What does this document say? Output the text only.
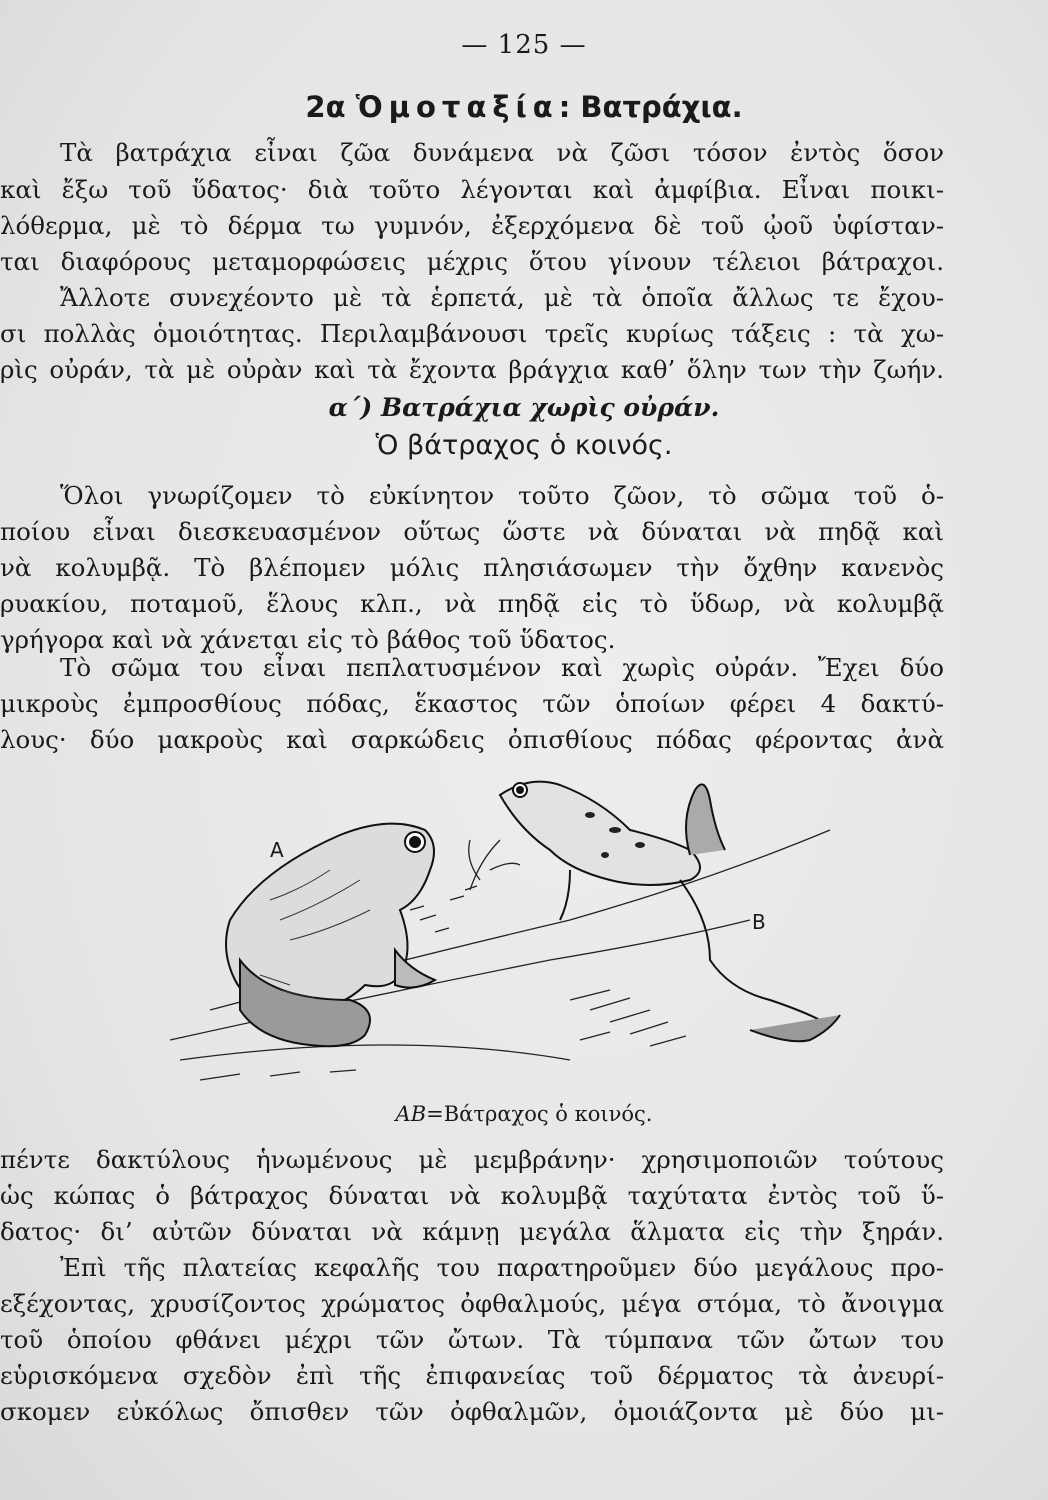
— 125 —
2α Ὁμοταξία: Βατράχια.
Τὰ βατράχια εἶναι ζῶα δυνάμενα νὰ ζῶσι τόσον ἐντὸς ὅσον
καὶ ἔξω τοῦ ὕδατος· διὰ τοῦτο λέγονται καὶ ἀμφίβια. Εἶναι ποικι-
λόθερμα, μὲ τὸ δέρμα τω γυμνόν, ἐξερχόμενα δὲ τοῦ ᾠοῦ ὑφίσταν-
ται διαφόρους μεταμορφώσεις μέχρις ὅτου γίνουν τέλειοι βάτραχοι.
Ἄλλοτε συνεχέοντο μὲ τὰ ἑρπετά, μὲ τὰ ὁποῖα ἄλλως τε ἔχου-
σι πολλὰς ὁμοιότητας. Περιλαμβάνουσι τρεῖς κυρίως τάξεις : τὰ χω-
ρὶς οὐράν, τὰ μὲ οὐρὰν καὶ τὰ ἔχοντα βράγχια καθ’ ὅλην των τὴν ζωήν.
α΄) Βατράχια χωρὶς οὐράν.
Ὁ βάτραχος ὁ κοινός.
Ὅλοι γνωρίζομεν τὸ εὐκίνητον τοῦτο ζῶον, τὸ σῶμα τοῦ ὁ-
ποίου εἶναι διεσκευασμένον οὕτως ὥστε νὰ δύναται νὰ πηδᾷ καὶ
νὰ κολυμβᾷ. Τὸ βλέπομεν μόλις πλησιάσωμεν τὴν ὄχθην κανενὸς
ρυακίου, ποταμοῦ, ἕλους κλπ., νὰ πηδᾷ εἰς τὸ ὕδωρ, νὰ κολυμβᾷ
γρήγορα καὶ νὰ χάνεται εἰς τὸ βάθος τοῦ ὕδατος.
Τὸ σῶμα του εἶναι πεπλατυσμένον καὶ χωρὶς οὐράν. Ἔχει δύο
μικροὺς ἐμπροσθίους πόδας, ἕκαστος τῶν ὁποίων φέρει 4 δακτύ-
λους· δύο μακροὺς καὶ σαρκώδεις ὀπισθίους πόδας φέροντας ἀνὰ
A
B
AB=Βάτραχος ὁ κοινός.
πέντε δακτύλους ἡνωμένους μὲ μεμβράνην· χρησιμοποιῶν τούτους
ὡς κώπας ὁ βάτραχος δύναται νὰ κολυμβᾷ ταχύτατα ἐντὸς τοῦ ὕ-
δατος· δι’ αὐτῶν δύναται νὰ κάμνῃ μεγάλα ἅλματα εἰς τὴν ξηράν.
Ἐπὶ τῆς πλατείας κεφαλῆς του παρατηροῦμεν δύο μεγάλους προ-
εξέχοντας, χρυσίζοντος χρώματος ὀφθαλμούς, μέγα στόμα, τὸ ἄνοιγμα
τοῦ ὁποίου φθάνει μέχρι τῶν ὤτων. Τὰ τύμπανα τῶν ὤτων του
εὑρισκόμενα σχεδὸν ἐπὶ τῆς ἐπιφανείας τοῦ δέρματος τὰ ἀνευρί-
σκομεν εὐκόλως ὄπισθεν τῶν ὀφθαλμῶν, ὁμοιάζοντα μὲ δύο μι-
